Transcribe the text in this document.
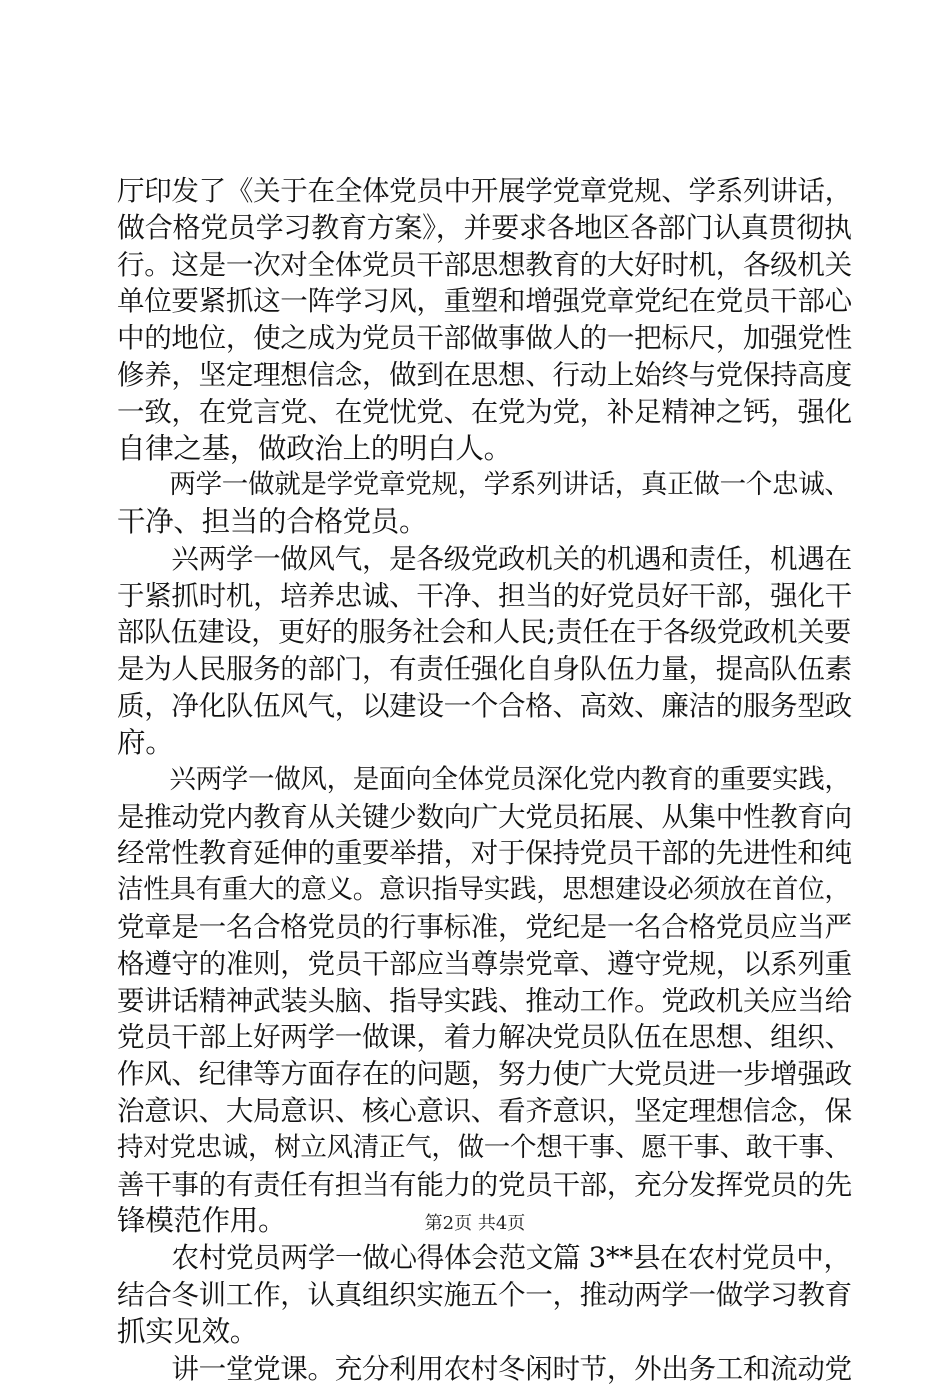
厅印发了《关于在全体党员中开展学党章党规、学系列讲话，
做合格党员学习教育方案》，并要求各地区各部门认真贯彻执
行。这是一次对全体党员干部思想教育的大好时机，各级机关
单位要紧抓这一阵学习风，重塑和增强党章党纪在党员干部心
中的地位，使之成为党员干部做事做人的一把标尺，加强党性
修养，坚定理想信念，做到在思想、行动上始终与党保持高度
一致，在党言党、在党忧党、在党为党，补足精神之钙，强化
自律之基，做政治上的明白人。
　　两学一做就是学党章党规，学系列讲话，真正做一个忠诚、
干净、担当的合格党员。
　　兴两学一做风气，是各级党政机关的机遇和责任，机遇在
于紧抓时机，培养忠诚、干净、担当的好党员好干部，强化干
部队伍建设，更好的服务社会和人民;责任在于各级党政机关要
是为人民服务的部门，有责任强化自身队伍力量，提高队伍素
质，净化队伍风气，以建设一个合格、高效、廉洁的服务型政
府。
　　兴两学一做风，是面向全体党员深化党内教育的重要实践，
是推动党内教育从关键少数向广大党员拓展、从集中性教育向
经常性教育延伸的重要举措，对于保持党员干部的先进性和纯
洁性具有重大的意义。意识指导实践，思想建设必须放在首位，
党章是一名合格党员的行事标准，党纪是一名合格党员应当严
格遵守的准则，党员干部应当尊崇党章、遵守党规，以系列重
要讲话精神武装头脑、指导实践、推动工作。党政机关应当给
党员干部上好两学一做课，着力解决党员队伍在思想、组织、
作风、纪律等方面存在的问题，努力使广大党员进一步增强政
治意识、大局意识、核心意识、看齐意识，坚定理想信念，保
持对党忠诚，树立风清正气，做一个想干事、愿干事、敢干事、
善干事的有责任有担当有能力的党员干部，充分发挥党员的先
锋模范作用。
　　农村党员两学一做心得体会范文篇 3**县在农村党员中，
结合冬训工作，认真组织实施五个一，推动两学一做学习教育
抓实见效。
　　讲一堂党课。充分利用农村冬闲时节，外出务工和流动党
第2页 共4页
